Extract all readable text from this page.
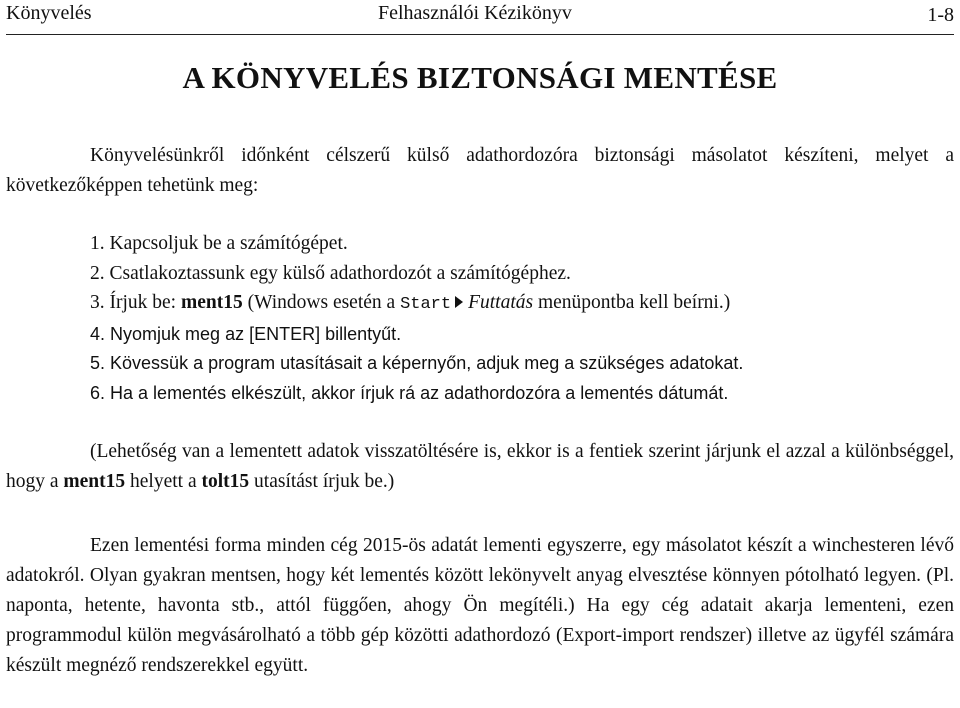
Könyvelés	Felhasználói Kézikönyv	1-8
A KÖNYVELÉS BIZTONSÁGI MENTÉSE
Könyvelésünkről időnként célszerű külső adathordozóra biztonsági másolatot készíteni, melyet a következőképpen tehetünk meg:
1. Kapcsoljuk be a számítógépet.
2. Csatlakoztassunk egy külső adathordozót a számítógéphez.
3. Írjuk be: ment15 (Windows esetén a Start Futtatás menüpontba kell beírni.)
4. Nyomjuk meg az [ENTER] billentyűt.
5. Kövessük a program utasításait a képernyőn, adjuk meg a szükséges adatokat.
6. Ha a lementés elkészült, akkor írjuk rá az adathordozóra a lementés dátumát.
(Lehetőség van a lementett adatok visszatöltésére is, ekkor is a fentiek szerint járjunk el azzal a különbséggel, hogy a ment15 helyett a tolt15 utasítást írjuk be.)
Ezen lementési forma minden cég 2015-ös adatát lementi egyszerre, egy másolatot készít a winchesteren lévő adatokról. Olyan gyakran mentsen, hogy két lementés között lekönyvelt anyag elvesztése könnyen pótolható legyen. (Pl. naponta, hetente, havonta stb., attól függően, ahogy Ön megítéli.) Ha egy cég adatait akarja lementeni, ezen programmodul külön megvásárolható a több gép közötti adathordozó (Export-import rendszer) illetve az ügyfél számára készült megnéző rendszerekkel együtt.
